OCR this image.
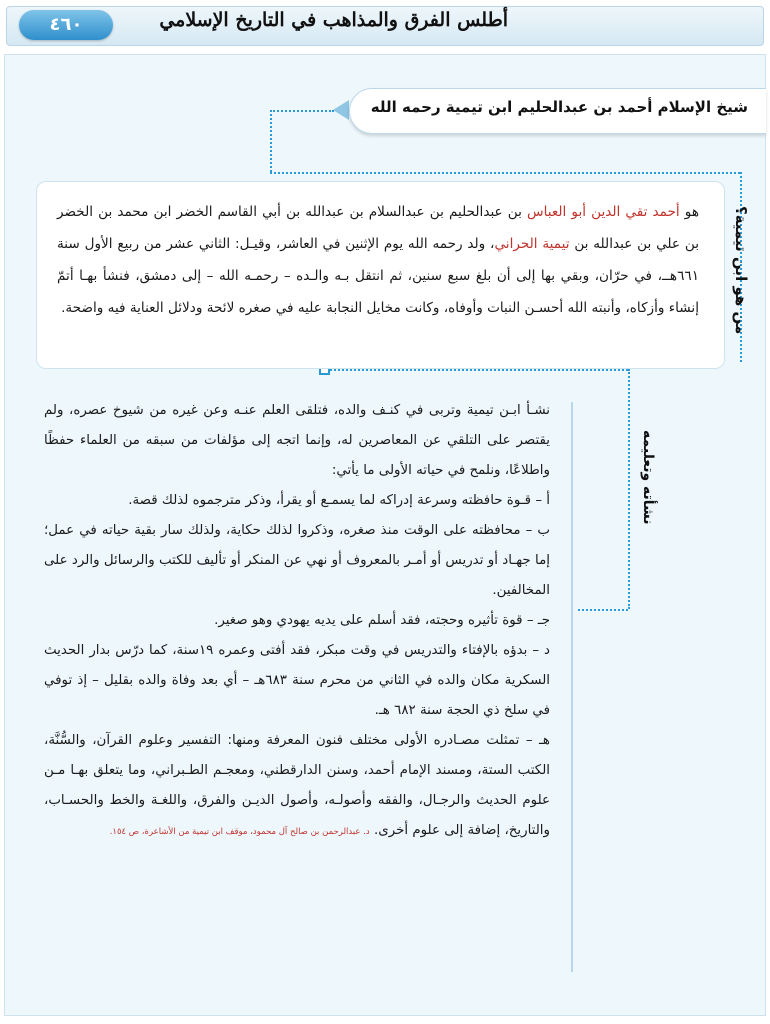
٤٦٠	أطلس الفرق والمذاهب في التاريخ الإسلامي
شيخ الإسلام أحمد بن عبدالحليم ابن تيمية رحمه الله
من هو ابن تيمية؟
نشأته وتعليمه
هو أحمد تقي الدين أبو العباس بن عبدالحليم بن عبدالسلام بن عبدالله بن أبي القاسم الخضر ابن محمد بن الخضر بن علي بن عبدالله بن تيمية الحراني، ولد رحمه الله يوم الإثنين في العاشر، وقيـل: الثاني عشر من ربيع الأول سنة ٦٦١هــ، في حرّان، وبقي بها إلى أن بلغ سبع سنين، ثم انتقل بـه والـده – رحمـه الله – إلى دمشق، فنشأ بهـا أتمّ إنشاء وأزكاه، وأنبته الله أحسـن النبات وأوفاه، وكانت مخايل النجابة عليه في صغره لائحة ودلائل العناية فيه واضحة.

نشـأ ابـن تيمية وتربى في كنـف والده، فتلقى العلم عنـه وعن غيره من شيوخ عصره، ولم يقتصر على التلقي عن المعاصرين له، وإنما اتجه إلى مؤلفات من سبقه من العلماء حفظًا واطلاعًا، ونلمح في حياته الأولى ما يأتي:

أ – قـوة حافظته وسرعة إدراكه لما يسمـع أو يقرأ، وذكر مترجموه لذلك قصة.

ب – محافظته على الوقت منذ صغره، وذكروا لذلك حكاية، ولذلك سار بقية حياته في عمل؛ إما جهـاد أو تدريس أو أمـر بالمعروف أو نهي عن المنكر أو تأليف للكتب والرسائل والرد على المخالفين.

جـ – قوة تأثيره وحجته، فقد أسلم على يديه يهودي وهو صغير.

د – بدؤه بالإفتاء والتدريس في وقت مبكر، فقد أفتى وعمره ١٩سنة، كما درّس بدار الحديث السكرية مكان والده في الثاني من محرم سنة ٦٨٣هـ – أي بعد وفاة والده بقليل – إذ توفي في سلخ ذي الحجة سنة ٦٨٢ هـ.

هـ – تمثلت مصـادره الأولى مختلف فنون المعرفة ومنها: التفسير وعلوم القرآن، والسُّنَّة، الكتب الستة، ومسند الإمام أحمد، وسنن الدارقطني، ومعجـم الطـبراني، وما يتعلق بهـا مـن علوم الحديث والرجـال، والفقه وأصولـه، وأصول الديـن والفرق، واللغـة والخط والحسـاب، والتاريخ، إضافة إلى علوم أخرى. د. عبدالرحمن بن صالح آل محمود، موقف ابن تيمية من الأشاعرة، ص ١٥٤.
